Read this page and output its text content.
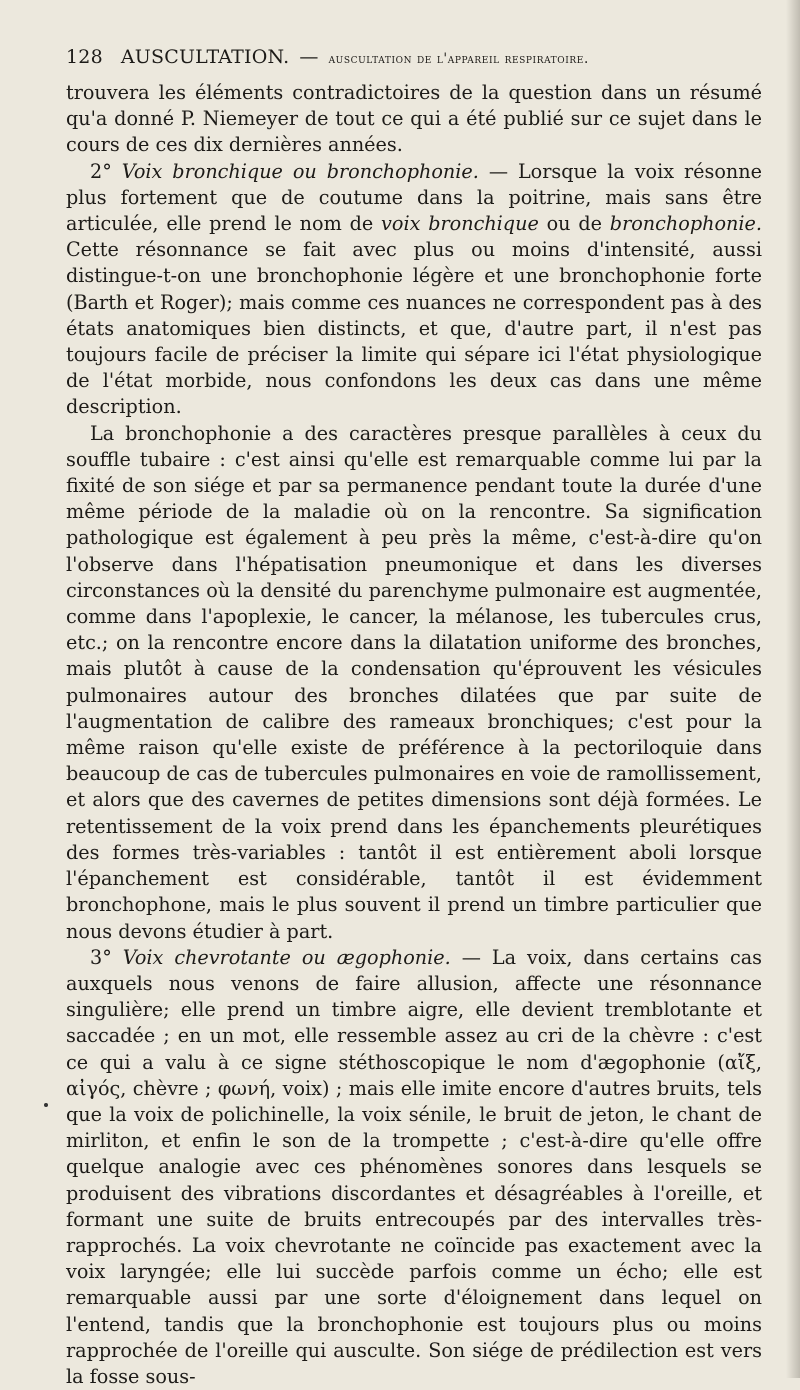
128 AUSCULTATION. — auscultation de l'appareil respiratoire.

trouvera les éléments contradictoires de la question dans un résumé qu'a donné P. Niemeyer de tout ce qui a été publié sur ce sujet dans le cours de ces dix dernières années.

2° Voix bronchique ou bronchophonie. — Lorsque la voix résonne plus fortement que de coutume dans la poitrine, mais sans être articulée, elle prend le nom de voix bronchique ou de bronchophonie. Cette résonnance se fait avec plus ou moins d'intensité, aussi distingue-t-on une bronchophonie légère et une bronchophonie forte (Barth et Roger); mais comme ces nuances ne correspondent pas à des états anatomiques bien distincts, et que, d'autre part, il n'est pas toujours facile de préciser la limite qui sépare ici l'état physiologique de l'état morbide, nous confondons les deux cas dans une même description.

La bronchophonie a des caractères presque parallèles à ceux du souffle tubaire : c'est ainsi qu'elle est remarquable comme lui par la fixité de son siége et par sa permanence pendant toute la durée d'une même période de la maladie où on la rencontre. Sa signification pathologique est également à peu près la même, c'est-à-dire qu'on l'observe dans l'hépatisation pneumonique et dans les diverses circonstances où la densité du parenchyme pulmonaire est augmentée, comme dans l'apoplexie, le cancer, la mélanose, les tubercules crus, etc.; on la rencontre encore dans la dilatation uniforme des bronches, mais plutôt à cause de la condensation qu'éprouvent les vésicules pulmonaires autour des bronches dilatées que par suite de l'augmentation de calibre des rameaux bronchiques; c'est pour la même raison qu'elle existe de préférence à la pectoriloquie dans beaucoup de cas de tubercules pulmonaires en voie de ramollissement, et alors que des cavernes de petites dimensions sont déjà formées. Le retentissement de la voix prend dans les épanchements pleurétiques des formes très-variables : tantôt il est entièrement aboli lorsque l'épanchement est considérable, tantôt il est évidemment bronchophone, mais le plus souvent il prend un timbre particulier que nous devons étudier à part.

3° Voix chevrotante ou ægophonie. — La voix, dans certains cas auxquels nous venons de faire allusion, affecte une résonnance singulière; elle prend un timbre aigre, elle devient tremblotante et saccadée ; en un mot, elle ressemble assez au cri de la chèvre : c'est ce qui a valu à ce signe stéthoscopique le nom d'ægophonie (αἴξ, αἰγός, chèvre ; φωνή, voix) ; mais elle imite encore d'autres bruits, tels que la voix de polichinelle, la voix sénile, le bruit de jeton, le chant de mirliton, et enfin le son de la trompette ; c'est-à-dire qu'elle offre quelque analogie avec ces phénomènes sonores dans lesquels se produisent des vibrations discordantes et désagréables à l'oreille, et formant une suite de bruits entrecoupés par des intervalles très-rapprochés. La voix chevrotante ne coïncide pas exactement avec la voix laryngée; elle lui succède parfois comme un écho; elle est remarquable aussi par une sorte d'éloignement dans lequel on l'entend, tandis que la bronchophonie est toujours plus ou moins rapprochée de l'oreille qui ausculte. Son siége de prédilection est vers la fosse sous-
